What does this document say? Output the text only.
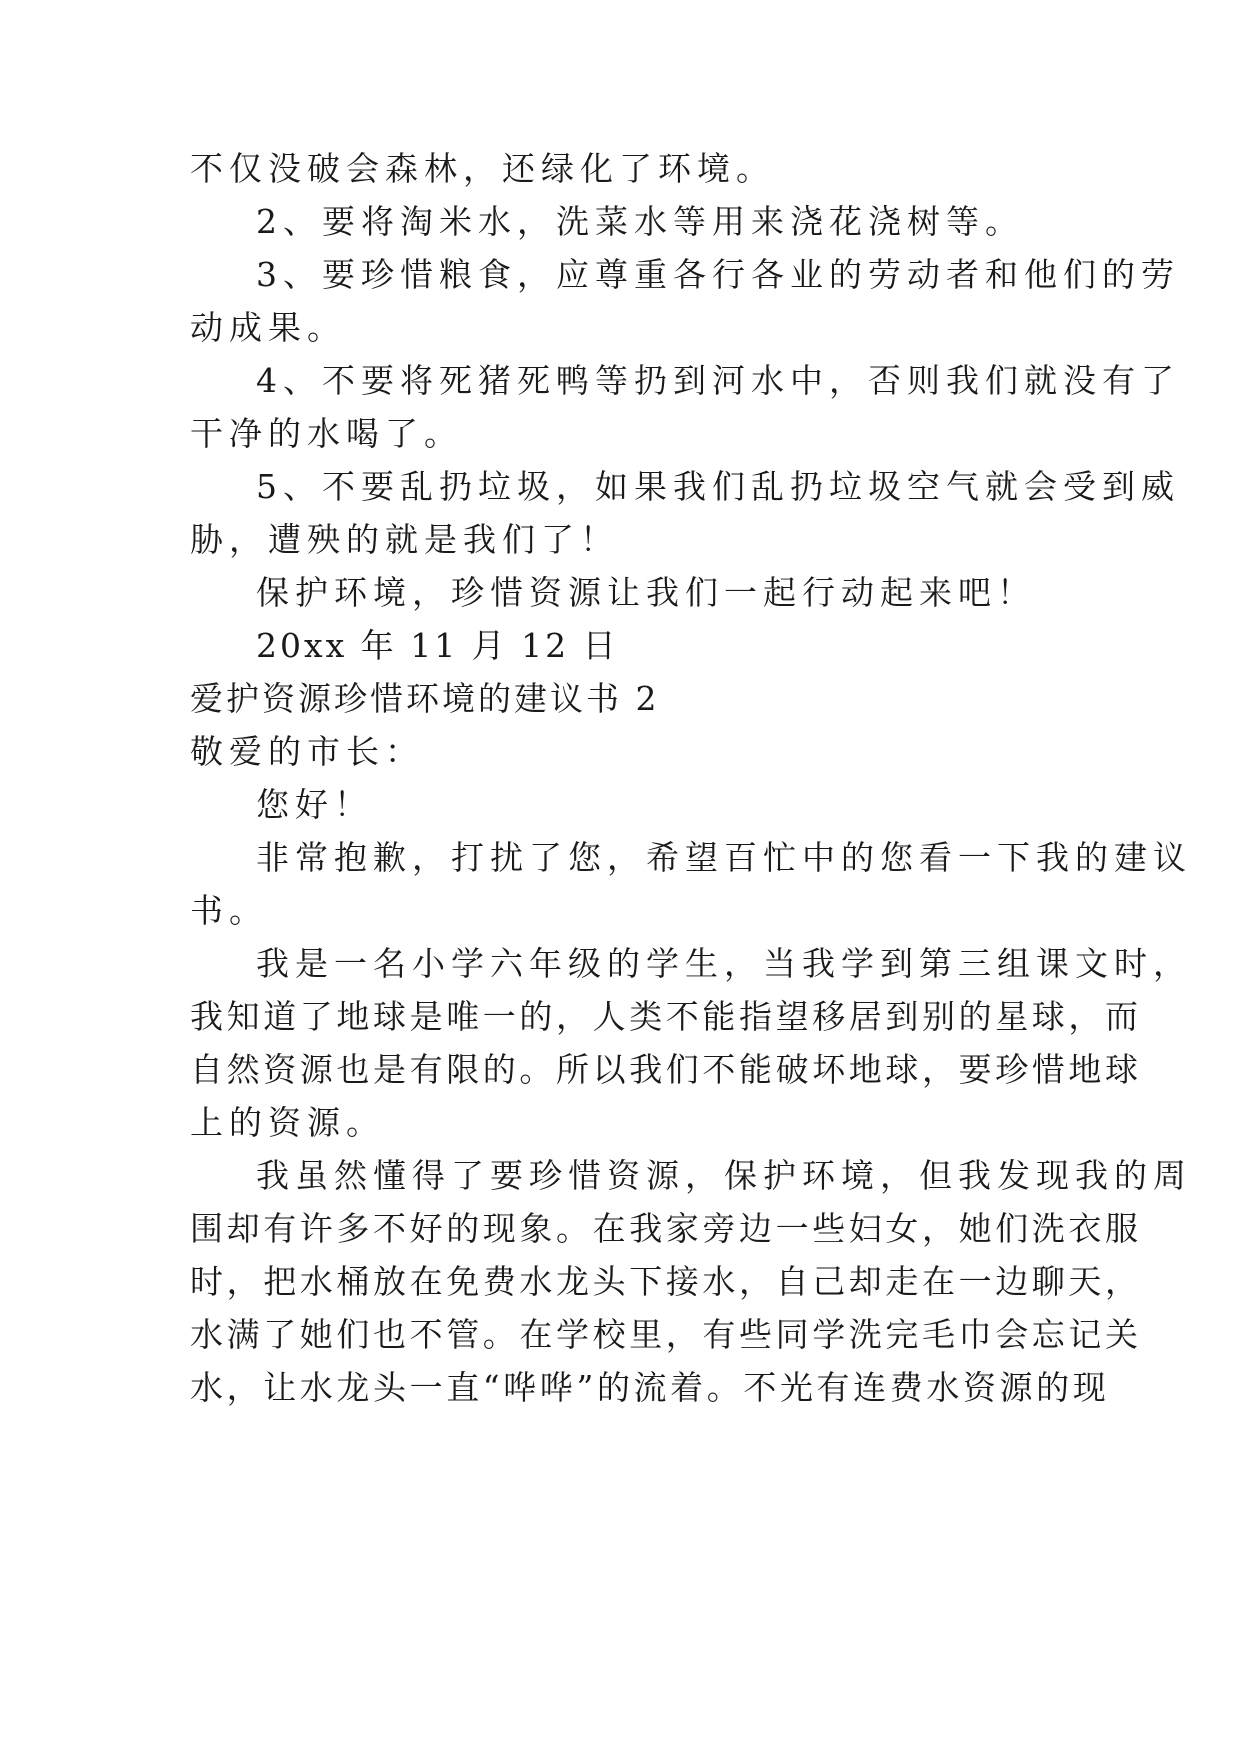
不仅没破会森林，还绿化了环境。
2、要将淘米水，洗菜水等用来浇花浇树等。
3、要珍惜粮食，应尊重各行各业的劳动者和他们的劳
动成果。
4、不要将死猪死鸭等扔到河水中，否则我们就没有了
干净的水喝了。
5、不要乱扔垃圾，如果我们乱扔垃圾空气就会受到威
胁，遭殃的就是我们了！
保护环境，珍惜资源让我们一起行动起来吧！
20xx 年 11 月 12 日
爱护资源珍惜环境的建议书 2
敬爱的市长：
您好！
非常抱歉，打扰了您，希望百忙中的您看一下我的建议
书。
我是一名小学六年级的学生，当我学到第三组课文时，
我知道了地球是唯一的，人类不能指望移居到别的星球，而
自然资源也是有限的。所以我们不能破坏地球，要珍惜地球
上的资源。
我虽然懂得了要珍惜资源，保护环境，但我发现我的周
围却有许多不好的现象。在我家旁边一些妇女，她们洗衣服
时，把水桶放在免费水龙头下接水，自己却走在一边聊天，
水满了她们也不管。在学校里，有些同学洗完毛巾会忘记关
水，让水龙头一直“哗哗”的流着。不光有连费水资源的现
